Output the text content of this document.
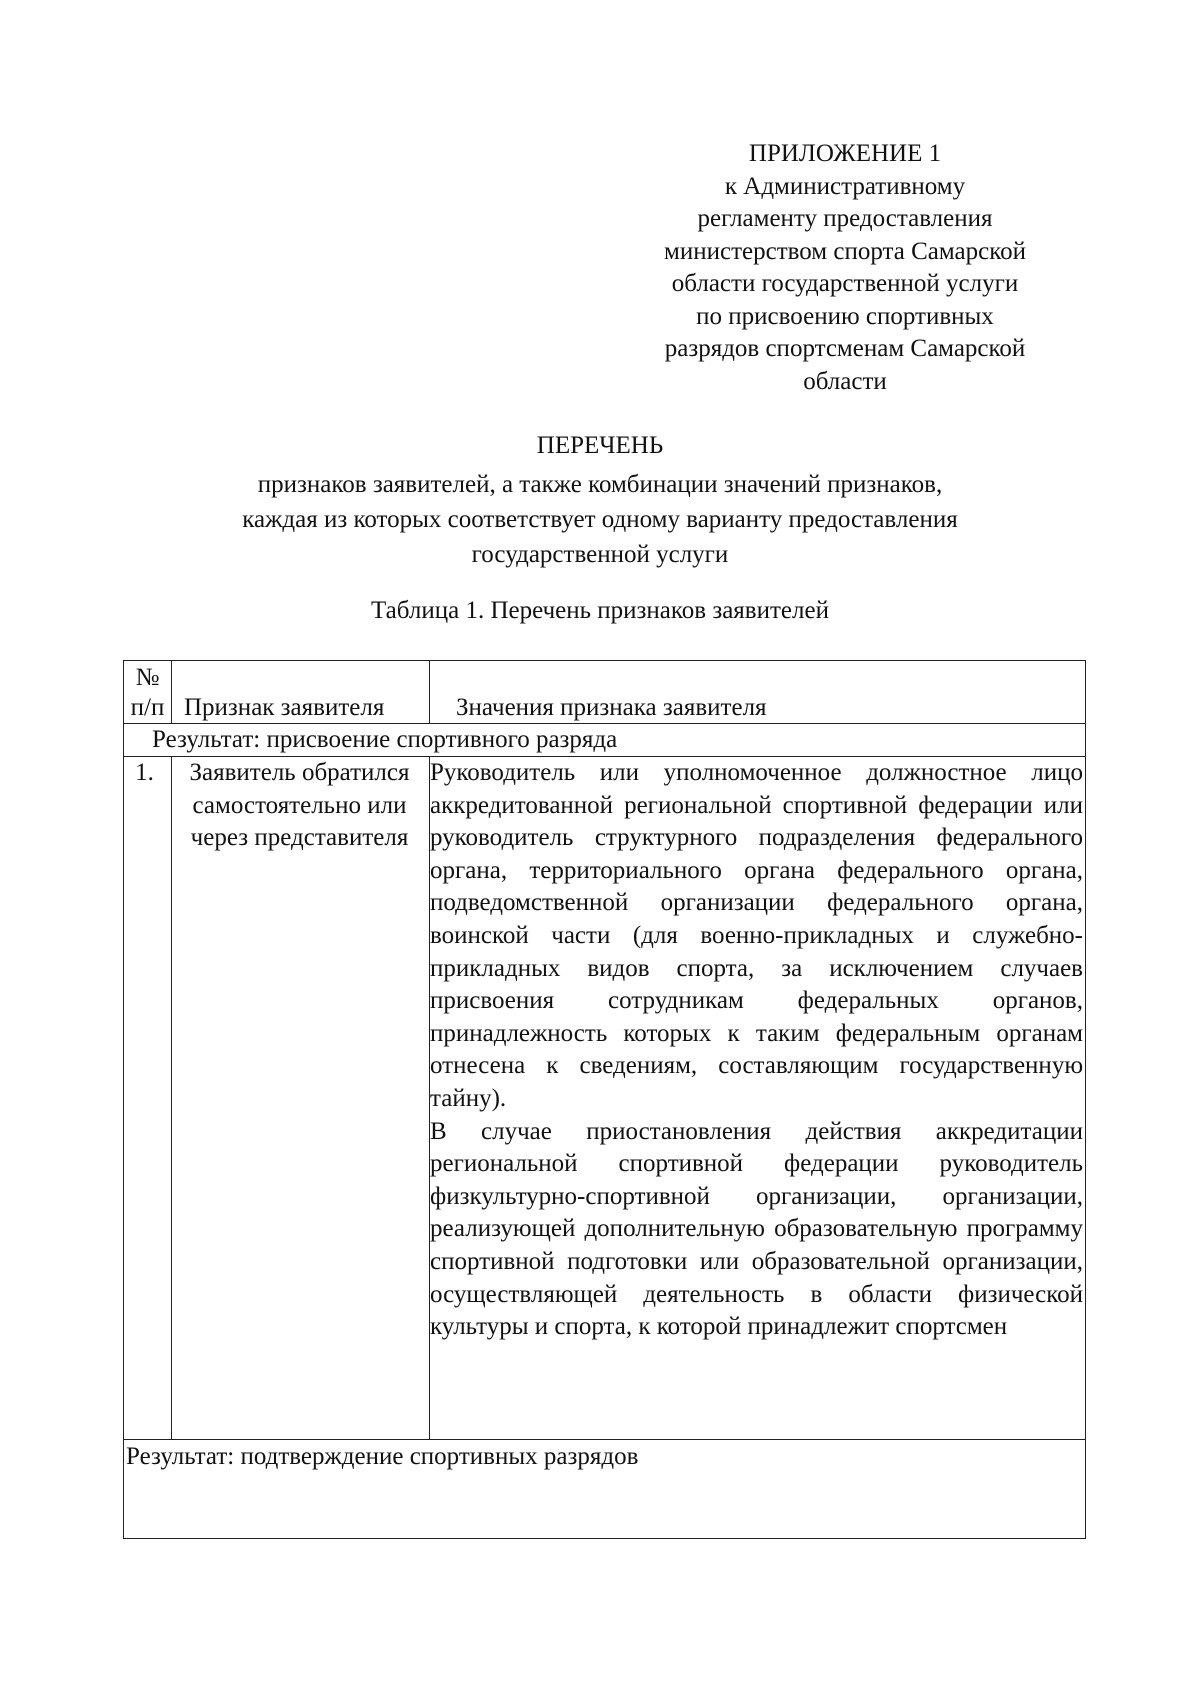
ПРИЛОЖЕНИЕ 1
к Административному
регламенту предоставления
министерством спорта Самарской
области государственной услуги
по присвоению спортивных
разрядов спортсменам Самарской
области
ПЕРЕЧЕНЬ
признаков заявителей, а также комбинации значений признаков,
каждая из которых соответствует одному варианту предоставления
государственной услуги
Таблица 1. Перечень признаков заявителей
№
п/п	Признак заявителя	Значения признака заявителя
Результат: присвоение спортивного разряда		
1.	Заявитель обратился самостоятельно или через представителя	Руководитель или уполномоченное должностное лицо аккредитованной региональной спортивной федерации или руководитель структурного подразделения федерального органа, территориального органа федерального органа, подведомственной организации федерального органа, воинской части (для военно-прикладных и служебно-прикладных видов спорта, за исключением случаев присвоения сотрудникам федеральных органов, принадлежность которых к таким федеральным органам отнесена к сведениям, составляющим государственную тайну).

В случае приостановления действия аккредитации региональной спортивной федерации руководитель физкультурно-спортивной организации, организации, реализующей дополнительную образовательную программу спортивной подготовки или образовательной организации, осуществляющей деятельность в области физической культуры и спорта, к которой принадлежит спортсмен

Результат: подтверждение спортивных разрядов		
